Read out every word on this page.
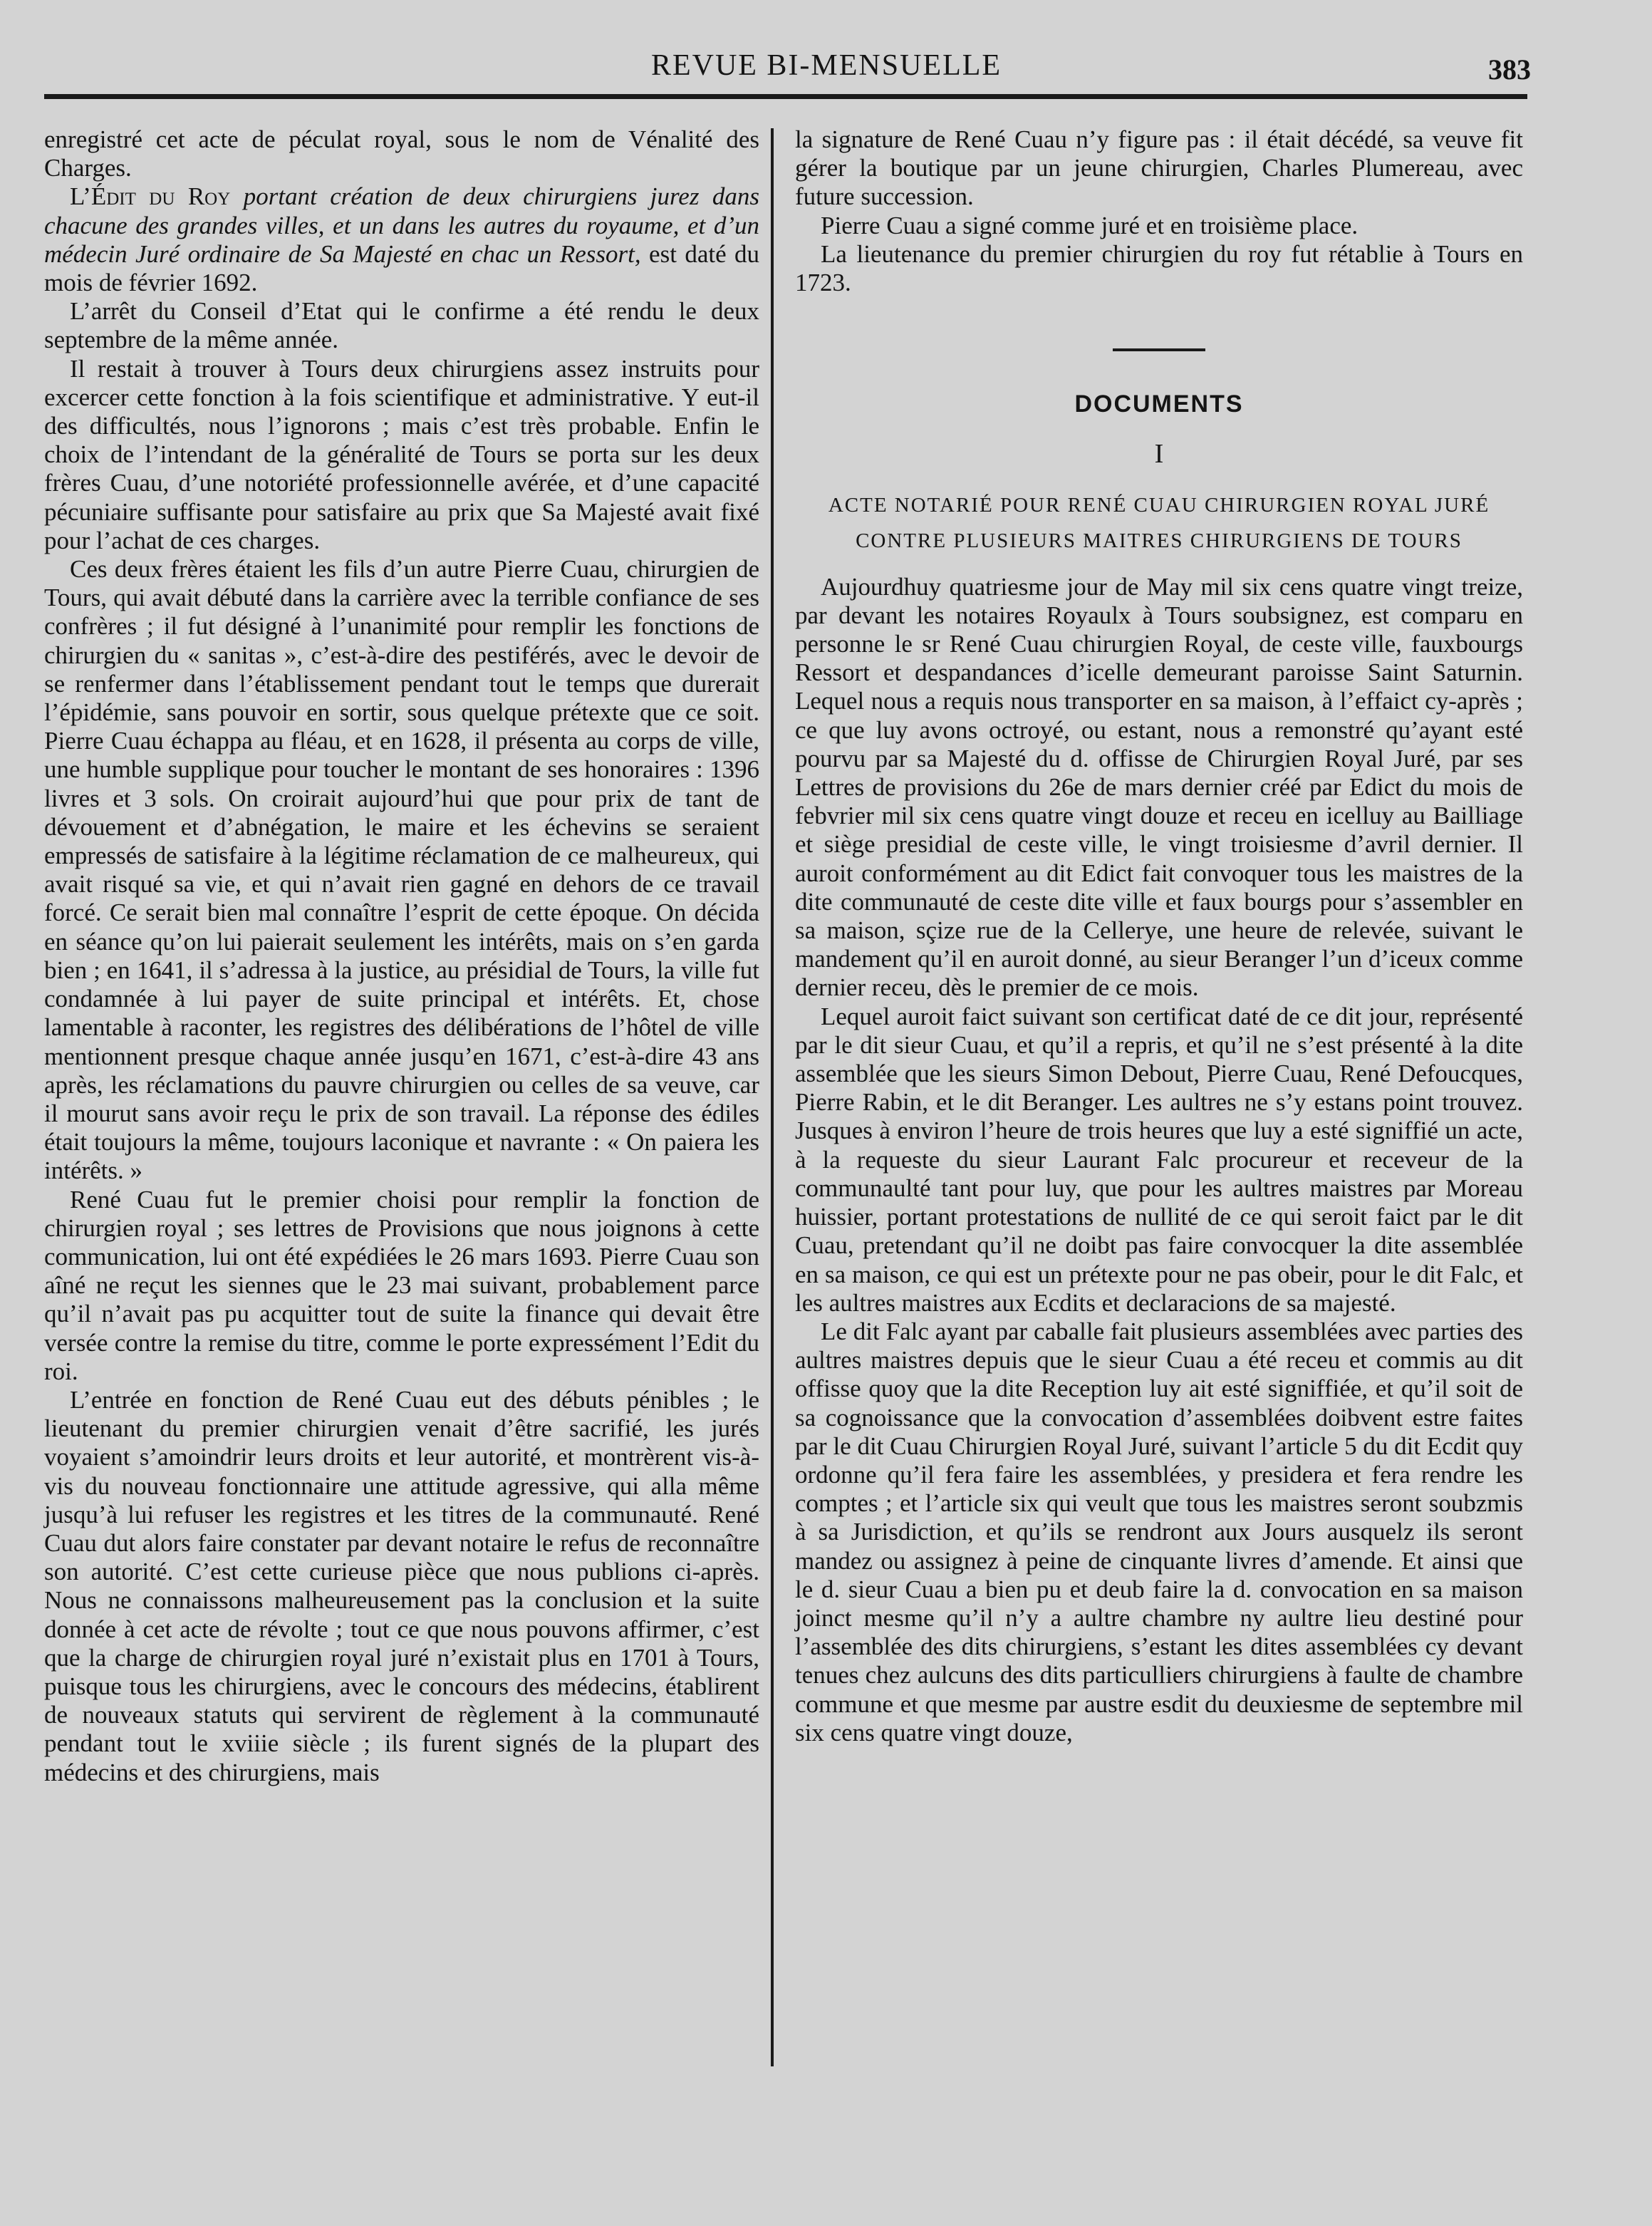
REVUE BI-MENSUELLE	383

enregistré cet acte de péculat royal, sous le nom de Vénalité des Charges.

L’Édit du Roy portant création de deux chirurgiens jurez dans chacune des grandes villes, et un dans les autres du royaume, et d’un médecin Juré ordinaire de Sa Majesté en chac un Ressort, est daté du mois de février 1692.

L’arrêt du Conseil d’Etat qui le confirme a été rendu le deux septembre de la même année.

Il restait à trouver à Tours deux chirurgiens assez instruits pour excercer cette fonction à la fois scientifique et administrative. Y eut-il des difficultés, nous l’ignorons ; mais c’est très probable. Enfin le choix de l’intendant de la généralité de Tours se porta sur les deux frères Cuau, d’une notoriété professionnelle avérée, et d’une capacité pécuniaire suffisante pour satisfaire au prix que Sa Majesté avait fixé pour l’achat de ces charges.

Ces deux frères étaient les fils d’un autre Pierre Cuau, chirurgien de Tours, qui avait débuté dans la carrière avec la terrible confiance de ses confrères ; il fut désigné à l’unanimité pour remplir les fonctions de chirurgien du « sanitas », c’est-à-dire des pestiférés, avec le devoir de se renfermer dans l’établissement pendant tout le temps que durerait l’épidémie, sans pouvoir en sortir, sous quelque prétexte que ce soit. Pierre Cuau échappa au fléau, et en 1628, il présenta au corps de ville, une humble supplique pour toucher le montant de ses honoraires : 1396 livres et 3 sols. On croirait aujourd’hui que pour prix de tant de dévouement et d’abnégation, le maire et les échevins se seraient empressés de satisfaire à la légitime réclamation de ce malheureux, qui avait risqué sa vie, et qui n’avait rien gagné en dehors de ce travail forcé. Ce serait bien mal connaître l’esprit de cette époque. On décida en séance qu’on lui paierait seulement les intérêts, mais on s’en garda bien ; en 1641, il s’adressa à la justice, au présidial de Tours, la ville fut condamnée à lui payer de suite principal et intérêts. Et, chose lamentable à raconter, les registres des délibérations de l’hôtel de ville mentionnent presque chaque année jusqu’en 1671, c’est-à-dire 43 ans après, les réclamations du pauvre chirurgien ou celles de sa veuve, car il mourut sans avoir reçu le prix de son travail. La réponse des édiles était toujours la même, toujours laconique et navrante : « On paiera les intérêts. »

René Cuau fut le premier choisi pour remplir la fonction de chirurgien royal ; ses lettres de Provisions que nous joignons à cette communication, lui ont été expédiées le 26 mars 1693. Pierre Cuau son aîné ne reçut les siennes que le 23 mai suivant, probablement parce qu’il n’avait pas pu acquitter tout de suite la finance qui devait être versée contre la remise du titre, comme le porte expressément l’Edit du roi.

L’entrée en fonction de René Cuau eut des débuts pénibles ; le lieutenant du premier chirurgien venait d’être sacrifié, les jurés voyaient s’amoindrir leurs droits et leur autorité, et montrèrent vis-à-vis du nouveau fonctionnaire une attitude agressive, qui alla même jusqu’à lui refuser les registres et les titres de la communauté. René Cuau dut alors faire constater par devant notaire le refus de reconnaître son autorité. C’est cette curieuse pièce que nous publions ci-après. Nous ne connaissons malheureusement pas la conclusion et la suite donnée à cet acte de révolte ; tout ce que nous pouvons affirmer, c’est que la charge de chirurgien royal juré n’existait plus en 1701 à Tours, puisque tous les chirurgiens, avec le concours des médecins, établirent de nouveaux statuts qui servirent de règlement à la communauté pendant tout le xviiie siècle ; ils furent signés de la plupart des médecins et des chirurgiens, mais

la signature de René Cuau n’y figure pas : il était décédé, sa veuve fit gérer la boutique par un jeune chirurgien, Charles Plumereau, avec future succession.

Pierre Cuau a signé comme juré et en troisième place.

La lieutenance du premier chirurgien du roy fut rétablie à Tours en 1723.

DOCUMENTS
I
ACTE NOTARIÉ POUR RENÉ CUAU CHIRURGIEN ROYAL JURÉ
CONTRE PLUSIEURS MAITRES CHIRURGIENS DE TOURS

Aujourdhuy quatriesme jour de May mil six cens quatre vingt treize, par devant les notaires Royaulx à Tours soubsignez, est comparu en personne le sr René Cuau chirurgien Royal, de ceste ville, fauxbourgs Ressort et despandances d’icelle demeurant paroisse Saint Saturnin. Lequel nous a requis nous transporter en sa maison, à l’effaict cy-après ; ce que luy avons octroyé, ou estant, nous a remonstré qu’ayant esté pourvu par sa Majesté du d. offisse de Chirurgien Royal Juré, par ses Lettres de provisions du 26e de mars dernier créé par Edict du mois de febvrier mil six cens quatre vingt douze et receu en icelluy au Bailliage et siège presidial de ceste ville, le vingt troisiesme d’avril dernier. Il auroit conformément au dit Edict fait convoquer tous les maistres de la dite communauté de ceste dite ville et faux bourgs pour s’assembler en sa maison, sçize rue de la Cellerye, une heure de relevée, suivant le mandement qu’il en auroit donné, au sieur Beranger l’un d’iceux comme dernier receu, dès le premier de ce mois.

Lequel auroit faict suivant son certificat daté de ce dit jour, représenté par le dit sieur Cuau, et qu’il a repris, et qu’il ne s’est présenté à la dite assemblée que les sieurs Simon Debout, Pierre Cuau, René Defoucques, Pierre Rabin, et le dit Beranger. Les aultres ne s’y estans point trouvez. Jusques à environ l’heure de trois heures que luy a esté signiffié un acte, à la requeste du sieur Laurant Falc procureur et receveur de la communaulté tant pour luy, que pour les aultres maistres par Moreau huissier, portant protestations de nullité de ce qui seroit faict par le dit Cuau, pretendant qu’il ne doibt pas faire convocquer la dite assemblée en sa maison, ce qui est un prétexte pour ne pas obeir, pour le dit Falc, et les aultres maistres aux Ecdits et declaracions de sa majesté.

Le dit Falc ayant par caballe fait plusieurs assemblées avec parties des aultres maistres depuis que le sieur Cuau a été receu et commis au dit offisse quoy que la dite Reception luy ait esté signiffiée, et qu’il soit de sa cognoissance que la convocation d’assemblées doibvent estre faites par le dit Cuau Chirurgien Royal Juré, suivant l’article 5 du dit Ecdit quy ordonne qu’il fera faire les assemblées, y presidera et fera rendre les comptes ; et l’article six qui veult que tous les maistres seront soubzmis à sa Jurisdiction, et qu’ils se rendront aux Jours ausquelz ils seront mandez ou assignez à peine de cinquante livres d’amende. Et ainsi que le d. sieur Cuau a bien pu et deub faire la d. convocation en sa maison joinct mesme qu’il n’y a aultre chambre ny aultre lieu destiné pour l’assemblée des dits chirurgiens, s’estant les dites assemblées cy devant tenues chez aulcuns des dits particulliers chirurgiens à faulte de chambre commune et que mesme par austre esdit du deuxiesme de septembre mil six cens quatre vingt douze,
